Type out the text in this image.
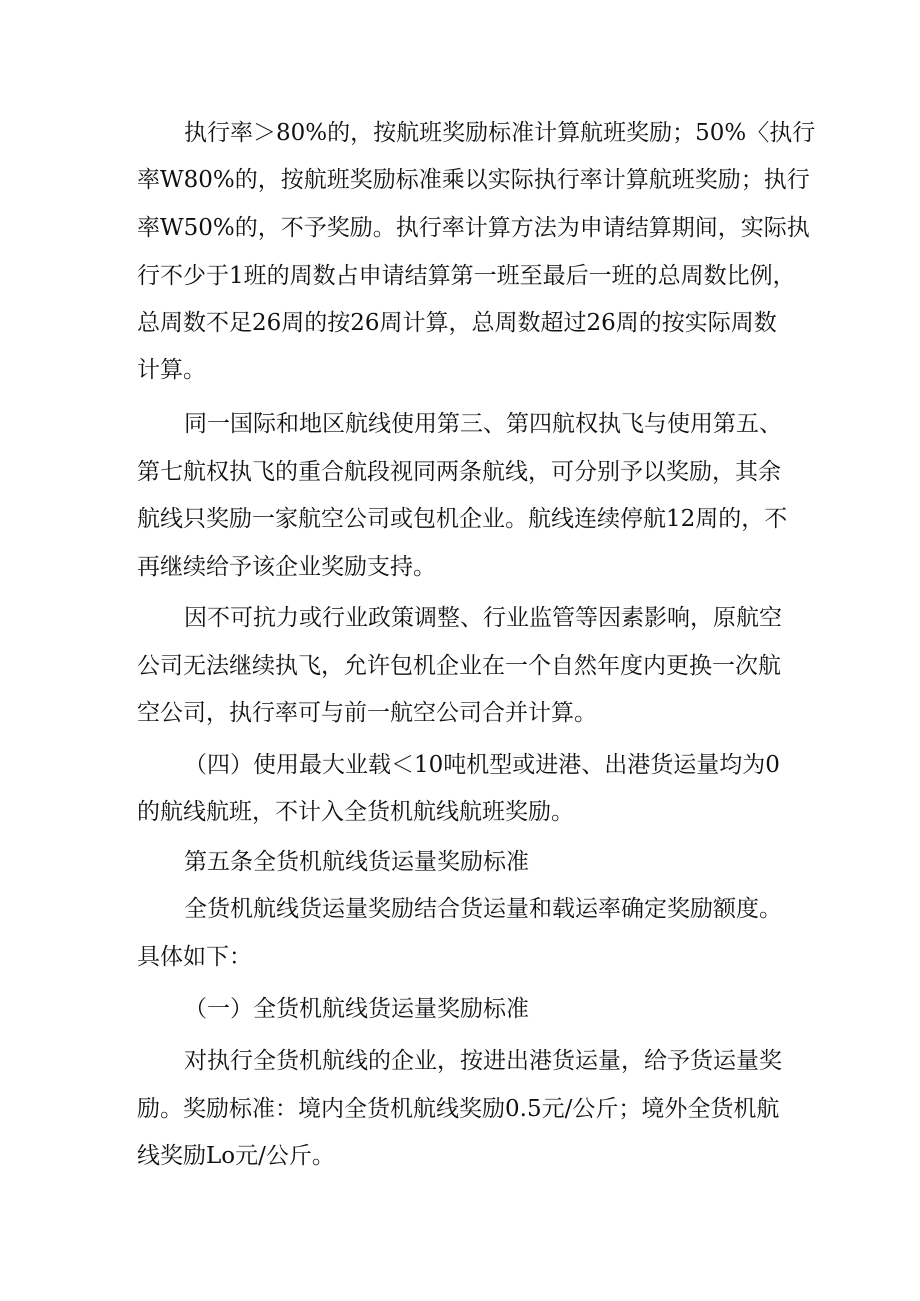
执行率＞80%的，按航班奖励标准计算航班奖励；50%〈执行
率W80%的，按航班奖励标准乘以实际执行率计算航班奖励；执行
率W50%的，不予奖励。执行率计算方法为申请结算期间，实际执
行不少于1班的周数占申请结算第一班至最后一班的总周数比例，
总周数不足26周的按26周计算，总周数超过26周的按实际周数
计算。
同一国际和地区航线使用第三、第四航权执飞与使用第五、
第七航权执飞的重合航段视同两条航线，可分别予以奖励，其余
航线只奖励一家航空公司或包机企业。航线连续停航12周的，不
再继续给予该企业奖励支持。
因不可抗力或行业政策调整、行业监管等因素影响，原航空
公司无法继续执飞，允许包机企业在一个自然年度内更换一次航
空公司，执行率可与前一航空公司合并计算。
（四）使用最大业载＜10吨机型或进港、出港货运量均为0
的航线航班，不计入全货机航线航班奖励。
第五条全货机航线货运量奖励标准
全货机航线货运量奖励结合货运量和载运率确定奖励额度。
具体如下：
（一）全货机航线货运量奖励标准
对执行全货机航线的企业，按进出港货运量，给予货运量奖
励。奖励标准：境内全货机航线奖励0.5元/公斤；境外全货机航
线奖励Lo元/公斤。
